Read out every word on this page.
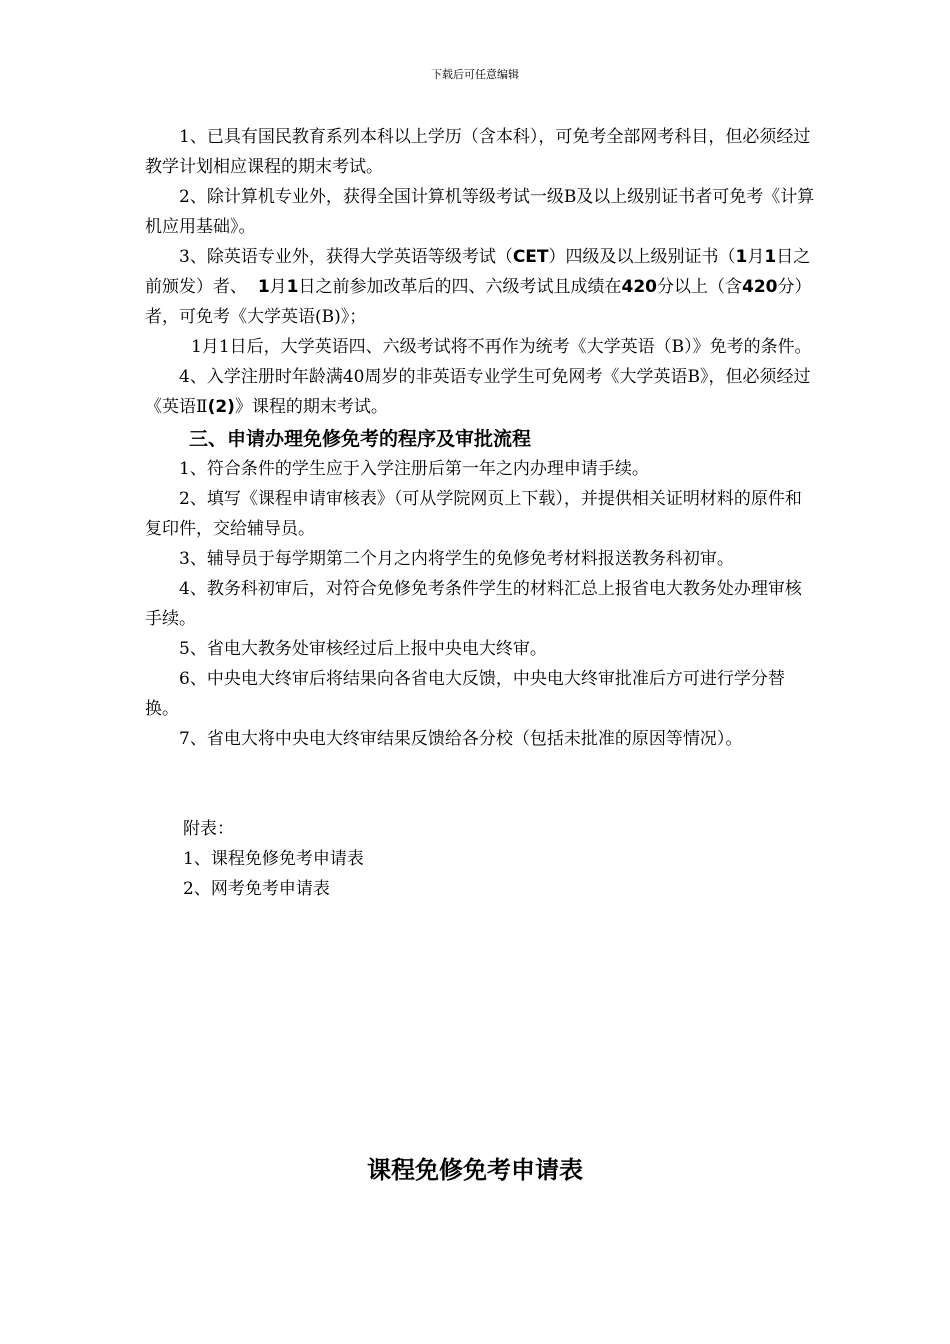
下载后可任意编辑

1、已具有国民教育系列本科以上学历（含本科），可免考全部网考科目，但必须经过教学计划相应课程的期末考试。

2、除计算机专业外，获得全国计算机等级考试一级B及以上级别证书者可免考《计算机应用基础》。

3、除英语专业外，获得大学英语等级考试（CET）四级及以上级别证书（1月1日之前颁发）者、 1月1日之前参加改革后的四、六级考试且成绩在420分以上（含420分）者，可免考《大学英语(B)》；

1月1日后，大学英语四、六级考试将不再作为统考《大学英语（B）》免考的条件。

4、入学注册时年龄满40周岁的非英语专业学生可免网考《大学英语B》，但必须经过《英语Ⅱ(2)》课程的期末考试。

三、申请办理免修免考的程序及审批流程

1、符合条件的学生应于入学注册后第一年之内办理申请手续。

2、填写《课程申请审核表》（可从学院网页上下载），并提供相关证明材料的原件和复印件，交给辅导员。

3、辅导员于每学期第二个月之内将学生的免修免考材料报送教务科初审。

4、教务科初审后，对符合免修免考条件学生的材料汇总上报省电大教务处办理审核手续。

5、省电大教务处审核经过后上报中央电大终审。

6、中央电大终审后将结果向各省电大反馈，中央电大终审批准后方可进行学分替换。

7、省电大将中央电大终审结果反馈给各分校（包括未批准的原因等情况）。

附表：

1、课程免修免考申请表

2、网考免考申请表

课程免修免考申请表
